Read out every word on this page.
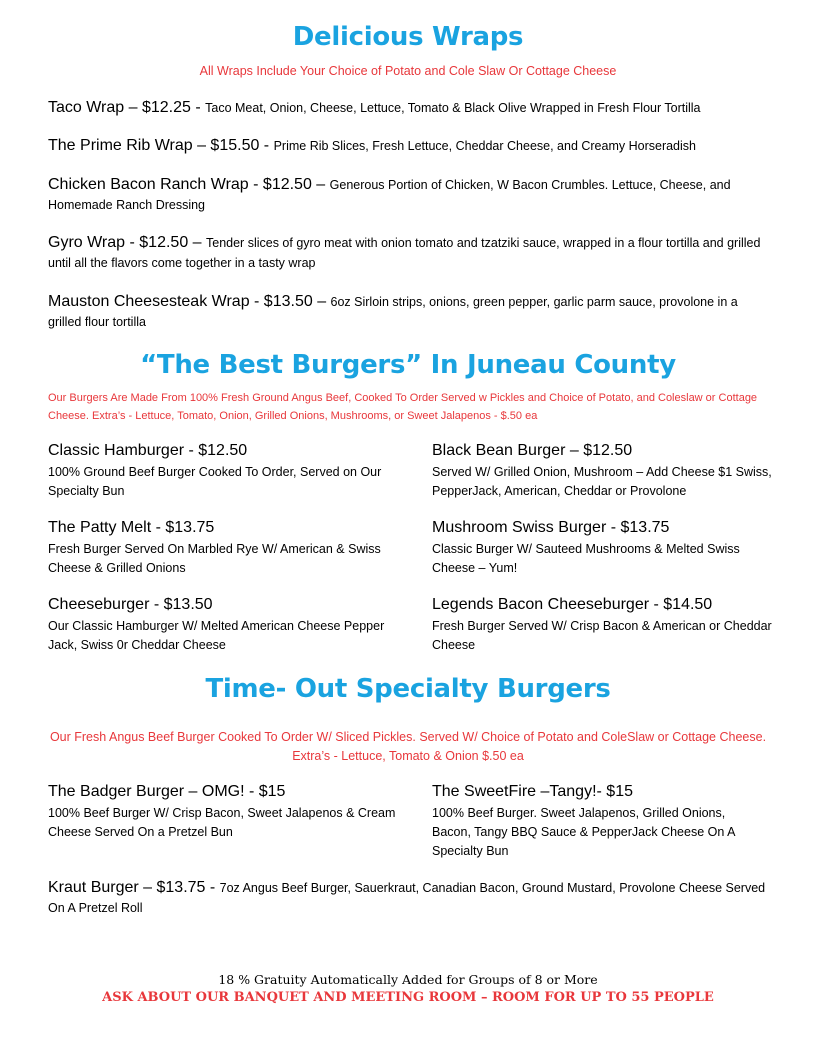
Delicious Wraps
All Wraps Include Your Choice of Potato and Cole Slaw Or Cottage Cheese
Taco Wrap – $12.25 - Taco Meat, Onion, Cheese, Lettuce, Tomato & Black Olive Wrapped in Fresh Flour Tortilla
The Prime Rib Wrap – $15.50 - Prime Rib Slices, Fresh Lettuce, Cheddar Cheese, and Creamy Horseradish
Chicken Bacon Ranch Wrap - $12.50 – Generous Portion of Chicken, W Bacon Crumbles. Lettuce, Cheese, and Homemade Ranch Dressing
Gyro Wrap - $12.50 – Tender slices of gyro meat with onion tomato and tzatziki sauce, wrapped in a flour tortilla and grilled until all the flavors come together in a tasty wrap
Mauston Cheesesteak Wrap - $13.50 – 6oz Sirloin strips, onions, green pepper, garlic parm sauce, provolone in a grilled flour tortilla
“The Best Burgers” In Juneau County
Our Burgers Are Made From 100% Fresh Ground Angus Beef, Cooked To Order Served w Pickles and Choice of Potato, and Coleslaw or Cottage Cheese. Extra’s - Lettuce, Tomato, Onion, Grilled Onions, Mushrooms, or Sweet Jalapenos - $.50 ea
Classic Hamburger - $12.50
100% Ground Beef Burger Cooked To Order, Served on Our Specialty Bun
Black Bean Burger – $12.50
Served W/ Grilled Onion, Mushroom – Add Cheese $1 Swiss, PepperJack, American, Cheddar or Provolone
The Patty Melt - $13.75
Fresh Burger Served On Marbled Rye W/ American & Swiss Cheese & Grilled Onions
Mushroom Swiss Burger - $13.75
Classic Burger W/ Sauteed Mushrooms & Melted Swiss Cheese – Yum!
Cheeseburger - $13.50
Our Classic Hamburger W/ Melted American Cheese Pepper Jack, Swiss 0r Cheddar Cheese
Legends Bacon Cheeseburger - $14.50
Fresh Burger Served W/ Crisp Bacon & American or Cheddar Cheese
Time- Out Specialty Burgers
Our Fresh Angus Beef Burger Cooked To Order W/ Sliced Pickles. Served W/ Choice of Potato and ColeSlaw or Cottage Cheese. Extra’s - Lettuce, Tomato & Onion $.50 ea
The Badger Burger – OMG! - $15
100% Beef Burger W/ Crisp Bacon, Sweet Jalapenos & Cream Cheese Served On a Pretzel Bun
The SweetFire –Tangy!- $15
100% Beef Burger. Sweet Jalapenos, Grilled Onions, Bacon, Tangy BBQ Sauce & PepperJack Cheese On A Specialty Bun
Kraut Burger – $13.75 - 7oz Angus Beef Burger, Sauerkraut, Canadian Bacon, Ground Mustard, Provolone Cheese Served On A Pretzel Roll
18 % Gratuity Automatically Added for Groups of 8 or More
ASK ABOUT OUR BANQUET AND MEETING ROOM – ROOM FOR UP TO 55 PEOPLE
